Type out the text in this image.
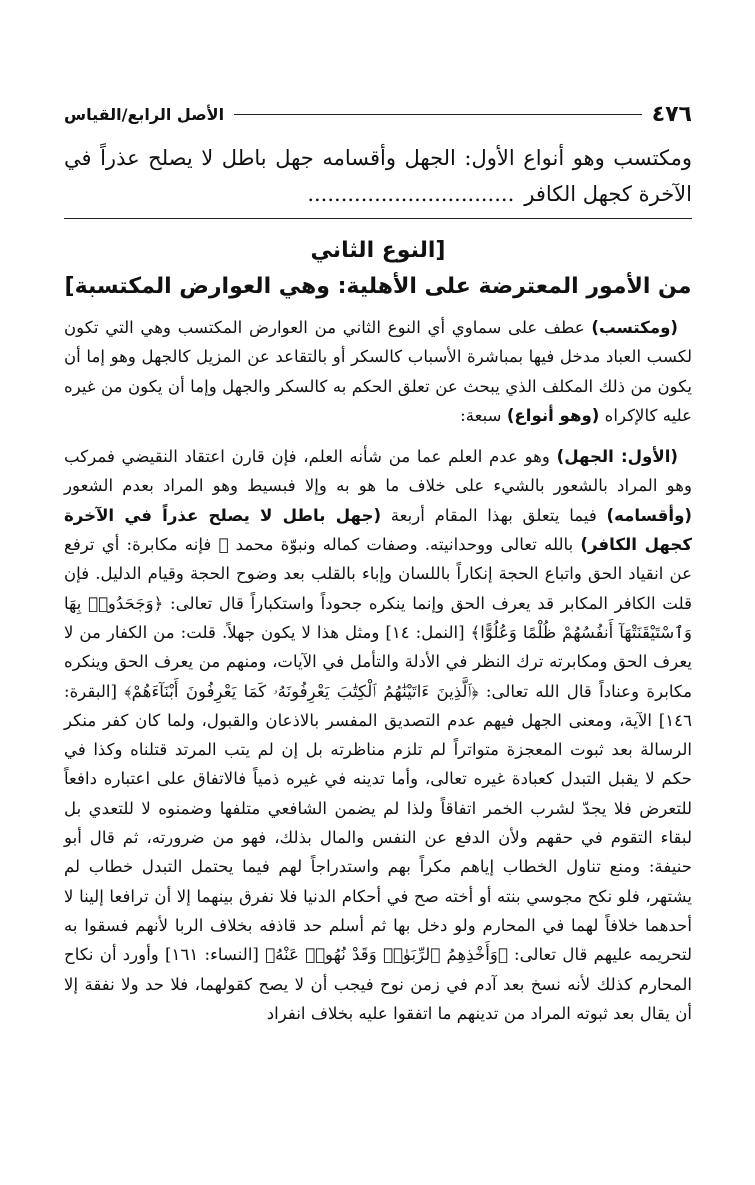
٤٧٦
الأصل الرابع/القياس
ومكتسب وهو أنواع الأول: الجهل وأقسامه جهل باطل لا يصلح عذراً في الآخرة كجهل الكافر...............................
[النوع الثاني
من الأمور المعترضة على الأهلية: وهي العوارض المكتسبة]

(ومكتسب) عطف على سماوي أي النوع الثاني من العوارض المكتسب وهي التي تكون لكسب العباد مدخل فيها بمباشرة الأسباب كالسكر أو بالتقاعد عن المزيل كالجهل وهو إما أن يكون من ذلك المكلف الذي يبحث عن تعلق الحكم به كالسكر والجهل وإما أن يكون من غيره عليه كالإكراه (وهو أنواع) سبعة:

(الأول: الجهل) وهو عدم العلم عما من شأنه العلم، فإن قارن اعتقاد النقيضي فمركب وهو المراد بالشعور بالشيء على خلاف ما هو به وإلا فبسيط وهو المراد بعدم الشعور (وأقسامه) فيما يتعلق بهذا المقام أربعة (جهل باطل لا يصلح عذراً في الآخرة كجهل الكافر) بالله تعالى ووحدانيته. وصفات كماله ونبوّة محمد ﷺ فإنه مكابرة: أي ترفع عن انقياد الحق واتباع الحجة إنكاراً باللسان وإباء بالقلب بعد وضوح الحجة وقيام الدليل. فإن قلت الكافر المكابر قد يعرف الحق وإنما ينكره جحوداً واستكباراً قال تعالى: ﴿وَجَحَدُوا۟ بِهَا وَٱسْتَيْقَنَتْهَآ أَنفُسُهُمْ ظُلْمًا وَعُلُوًّا﴾ [النمل: ١٤] ومثل هذا لا يكون جهلاً. قلت: من الكفار من لا يعرف الحق ومكابرته ترك النظر في الأدلة والتأمل في الآيات، ومنهم من يعرف الحق وينكره مكابرة وعناداً قال الله تعالى: ﴿ٱلَّذِينَ ءَاتَيْنَٰهُمُ ٱلْكِتَٰبَ يَعْرِفُونَهُۥ كَمَا يَعْرِفُونَ أَبْنَآءَهُمْ﴾ [البقرة: ١٤٦] الآية، ومعنى الجهل فيهم عدم التصديق المفسر بالاذعان والقبول، ولما كان كفر منكر الرسالة بعد ثبوت المعجزة متواتراً لم تلزم مناظرته بل إن لم يتب المرتد قتلناه وكذا في حكم لا يقبل التبدل كعبادة غيره تعالى، وأما تدينه في غيره ذمياً فالاتفاق على اعتباره دافعاً للتعرض فلا يجدّ لشرب الخمر اتفاقاً ولذا لم يضمن الشافعي متلفها وضمنوه لا للتعدي بل لبقاء التقوم في حقهم ولأن الدفع عن النفس والمال بذلك، فهو من ضرورته، ثم قال أبو حنيفة: ومنع تناول الخطاب إياهم مكراً بهم واستدراجاً لهم فيما يحتمل التبدل خطاب لم يشتهر، فلو نكح مجوسي بنته أو أخته صح في أحكام الدنيا فلا نفرق بينهما إلا أن ترافعا إلينا لا أحدهما خلافاً لهما في المحارم ولو دخل بها ثم أسلم حد قاذفه بخلاف الربا لأنهم فسقوا به لتحريمه عليهم قال تعالى: ﴿وَأَخْذِهِمُ ٱلرِّبَوٰا۟ وَقَدْ نُهُوا۟ عَنْهُ﴾ [النساء: ١٦١] وأورد أن نكاح المحارم كذلك لأنه نسخ بعد آدم في زمن نوح فيجب أن لا يصح كقولهما، فلا حد ولا نفقة إلا أن يقال بعد ثبوته المراد من تدينهم ما اتفقوا عليه بخلاف انفراد
